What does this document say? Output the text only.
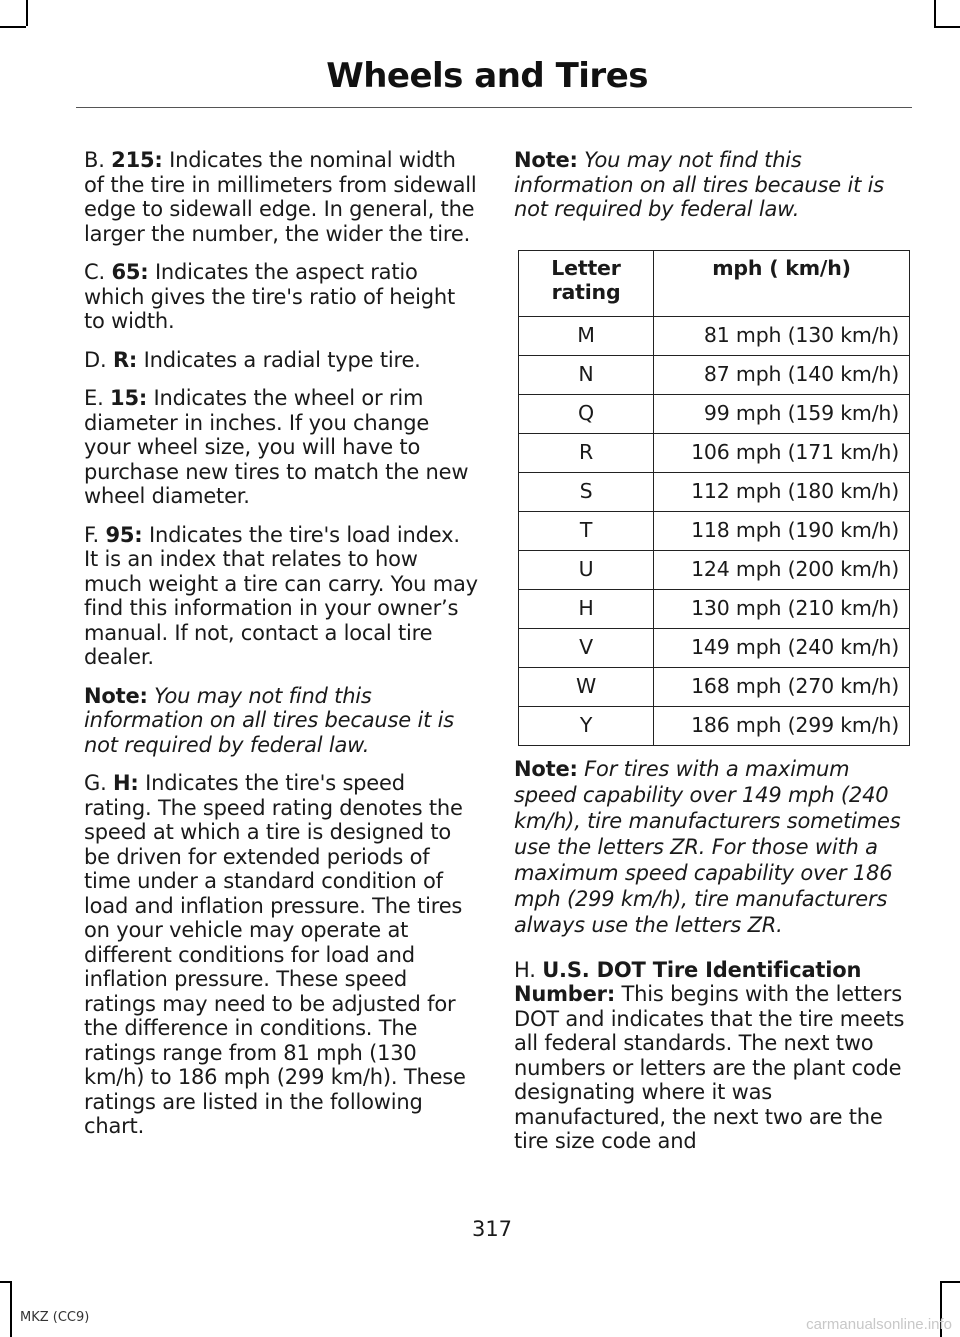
Wheels and Tires

B. 215: Indicates the nominal width of the tire in millimeters from sidewall edge to sidewall edge. In general, the larger the number, the wider the tire.

C. 65: Indicates the aspect ratio which gives the tire's ratio of height to width.

D. R: Indicates a radial type tire.

E. 15: Indicates the wheel or rim diameter in inches. If you change your wheel size, you will have to purchase new tires to match the new wheel diameter.

F. 95: Indicates the tire's load index. It is an index that relates to how much weight a tire can carry. You may find this information in your owner’s manual. If not, contact a local tire dealer.

Note: You may not find this information on all tires because it is not required by federal law.

G. H: Indicates the tire's speed rating. The speed rating denotes the speed at which a tire is designed to be driven for extended periods of time under a standard condition of load and inflation pressure. The tires on your vehicle may operate at different conditions for load and inflation pressure. These speed ratings may need to be adjusted for the difference in conditions. The ratings range from 81 mph (130 km/h) to 186 mph (299 km/h). These ratings are listed in the following chart.

Note: You may not find this information on all tires because it is not required by federal law.

Letter rating	mph ( km/h)
M	81 mph (130 km/h)
N	87 mph (140 km/h)
Q	99 mph (159 km/h)
R	106 mph (171 km/h)
S	112 mph (180 km/h)
T	118 mph (190 km/h)
U	124 mph (200 km/h)
H	130 mph (210 km/h)
V	149 mph (240 km/h)
W	168 mph (270 km/h)
Y	186 mph (299 km/h)

Note: For tires with a maximum speed capability over 149 mph (240 km/h), tire manufacturers sometimes use the letters ZR. For those with a maximum speed capability over 186 mph (299 km/h), tire manufacturers always use the letters ZR.

H. U.S. DOT Tire Identification Number: This begins with the letters DOT and indicates that the tire meets all federal standards. The next two numbers or letters are the plant code designating where it was manufactured, the next two are the tire size code and

317
MKZ (CC9)	carmanualsonline.info
